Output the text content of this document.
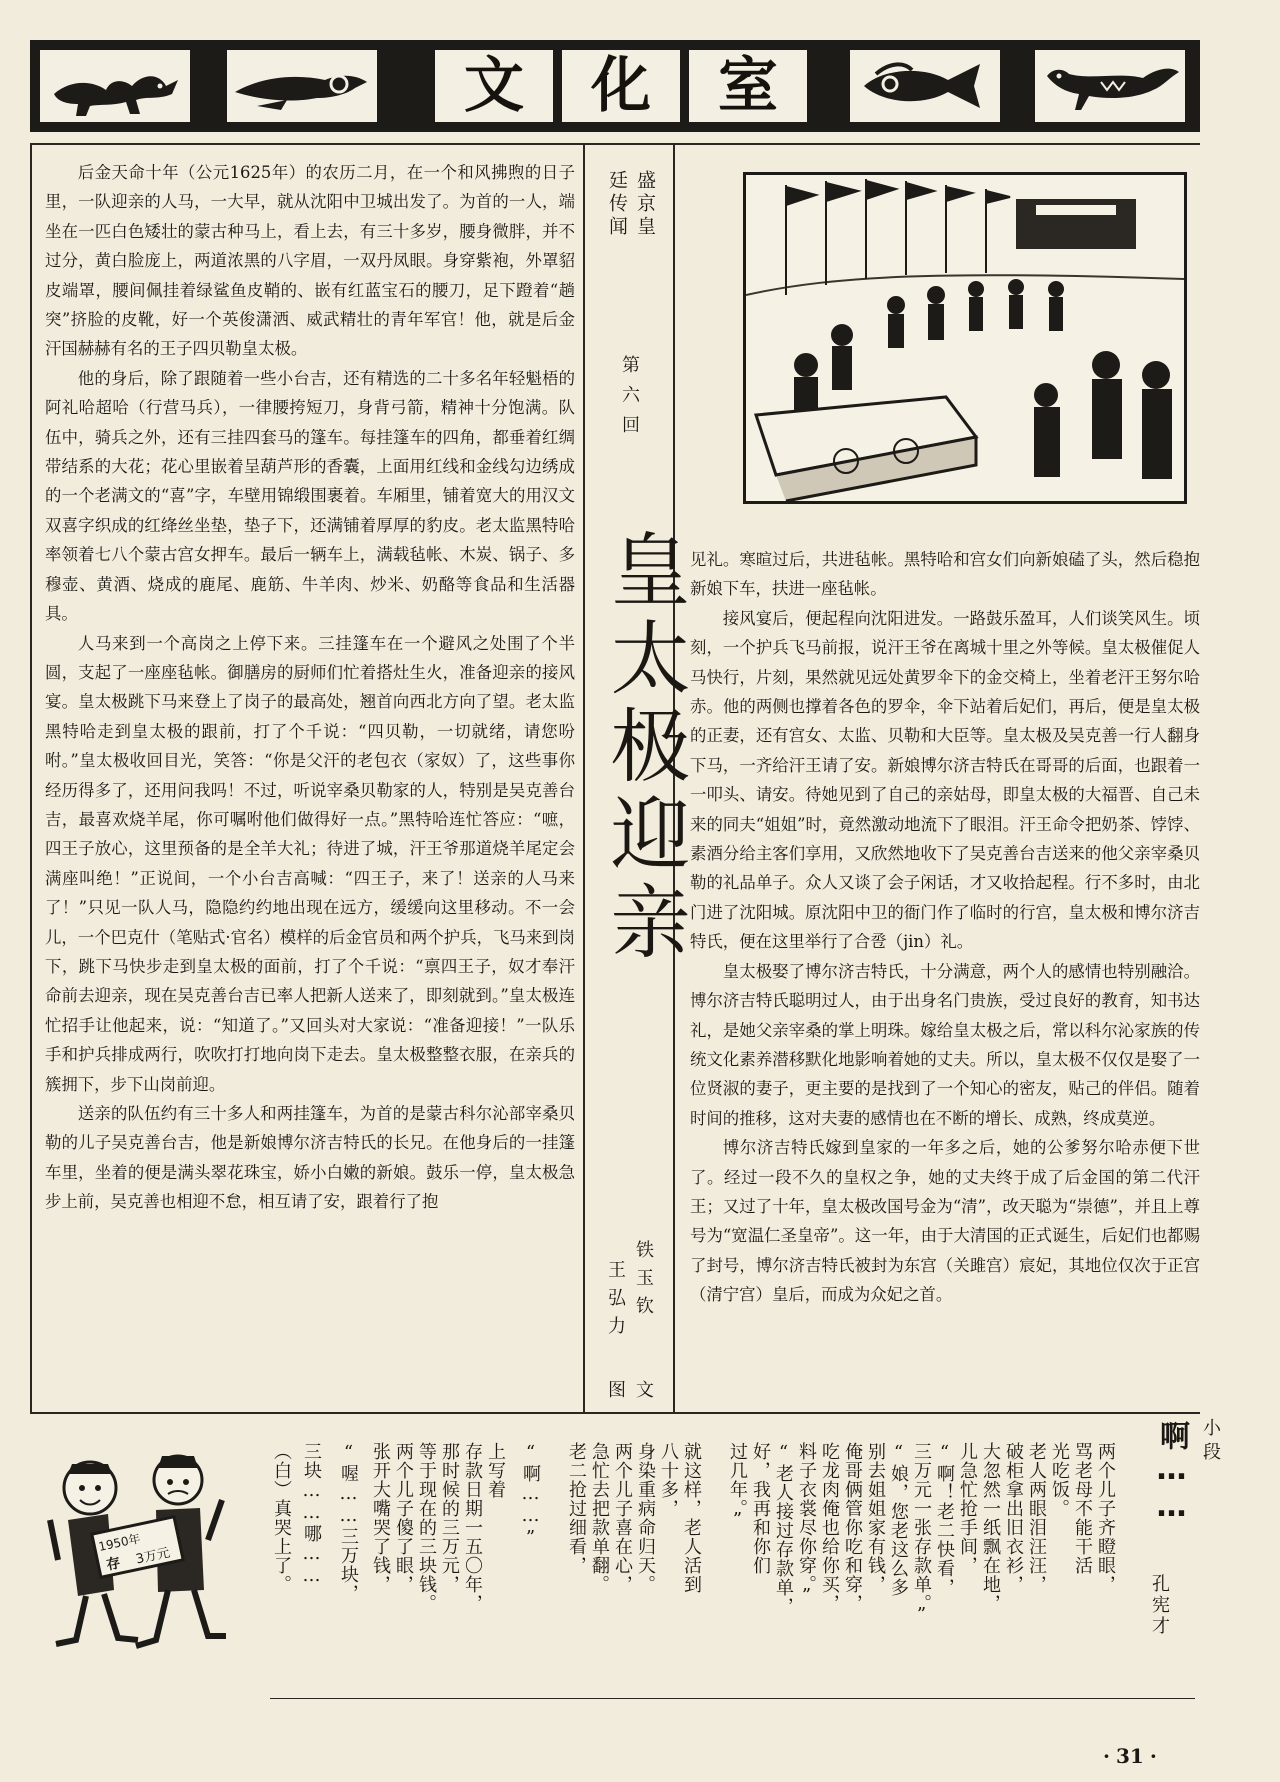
文	化	室
盛京皇
廷传闻
第六回
皇太极迎亲
铁玉钦
王弘力
文
图

后金天命十年（公元1625年）的农历二月，在一个和风拂煦的日子里，一队迎亲的人马，一大早，就从沈阳中卫城出发了。为首的一人，端坐在一匹白色矮壮的蒙古种马上，看上去，有三十多岁，腰身微胖，并不过分，黄白脸庞上，两道浓黑的八字眉，一双丹凤眼。身穿紫袍，外罩貂皮端罩，腰间佩挂着绿鲨鱼皮鞘的、嵌有红蓝宝石的腰刀，足下蹬着“趟突”挤脸的皮靴，好一个英俊潇洒、威武精壮的青年军官！他，就是后金汗国赫赫有名的王子四贝勒皇太极。

他的身后，除了跟随着一些小台吉，还有精选的二十多名年轻魁梧的阿礼哈超哈（行营马兵），一律腰挎短刀，身背弓箭，精神十分饱满。队伍中，骑兵之外，还有三挂四套马的篷车。每挂篷车的四角，都垂着红绸带结系的大花；花心里嵌着呈葫芦形的香囊，上面用红线和金线勾边绣成的一个老满文的“喜”字，车壁用锦缎围裹着。车厢里，铺着宽大的用汉文双喜字织成的红绛丝坐垫，垫子下，还满铺着厚厚的豹皮。老太监黑特哈率领着七八个蒙古宫女押车。最后一辆车上，满载毡帐、木炭、锅子、多穆壶、黄酒、烧成的鹿尾、鹿筋、牛羊肉、炒米、奶酪等食品和生活器具。

人马来到一个高岗之上停下来。三挂篷车在一个避风之处围了个半圆，支起了一座座毡帐。御膳房的厨师们忙着搭灶生火，准备迎亲的接风宴。皇太极跳下马来登上了岗子的最高处，翘首向西北方向了望。老太监黑特哈走到皇太极的跟前，打了个千说：“四贝勒，一切就绪，请您吩咐。”皇太极收回目光，笑答：“你是父汗的老包衣（家奴）了，这些事你经历得多了，还用问我吗！不过，听说宰桑贝勒家的人，特别是吴克善台吉，最喜欢烧羊尾，你可嘱咐他们做得好一点。”黑特哈连忙答应：“嗻，四王子放心，这里预备的是全羊大礼；待进了城，汗王爷那道烧羊尾定会满座叫绝！”正说间，一个小台吉高喊：“四王子，来了！送亲的人马来了！”只见一队人马，隐隐约约地出现在远方，缓缓向这里移动。不一会儿，一个巴克什（笔贴式·官名）模样的后金官员和两个护兵，飞马来到岗下，跳下马快步走到皇太极的面前，打了个千说：“禀四王子，奴才奉汗命前去迎亲，现在吴克善台吉已率人把新人送来了，即刻就到。”皇太极连忙招手让他起来，说：“知道了。”又回头对大家说：“准备迎接！”一队乐手和护兵排成两行，吹吹打打地向岗下走去。皇太极整整衣服，在亲兵的簇拥下，步下山岗前迎。

送亲的队伍约有三十多人和两挂篷车，为首的是蒙古科尔沁部宰桑贝勒的儿子吴克善台吉，他是新娘博尔济吉特氏的长兄。在他身后的一挂篷车里，坐着的便是满头翠花珠宝，娇小白嫩的新娘。鼓乐一停，皇太极急步上前，吴克善也相迎不怠，相互请了安，跟着行了抱

见礼。寒暄过后，共进毡帐。黑特哈和宫女们向新娘磕了头，然后稳抱新娘下车，扶进一座毡帐。

接风宴后，便起程向沈阳进发。一路鼓乐盈耳，人们谈笑风生。顷刻，一个护兵飞马前报，说汗王爷在离城十里之外等候。皇太极催促人马快行，片刻，果然就见远处黄罗伞下的金交椅上，坐着老汗王努尔哈赤。他的两侧也撑着各色的罗伞，伞下站着后妃们，再后，便是皇太极的正妻，还有宫女、太监、贝勒和大臣等。皇太极及吴克善一行人翻身下马，一齐给汗王请了安。新娘博尔济吉特氏在哥哥的后面，也跟着一一叩头、请安。待她见到了自己的亲姑母，即皇太极的大福晋、自己未来的同夫“姐姐”时，竟然激动地流下了眼泪。汗王命令把奶茶、饽饽、素酒分给主客们享用，又欣然地收下了吴克善台吉送来的他父亲宰桑贝勒的礼品单子。众人又谈了会子闲话，才又收拾起程。行不多时，由北门进了沈阳城。原沈阳中卫的衙门作了临时的行宫，皇太极和博尔济吉特氏，便在这里举行了合卺（jin）礼。

皇太极娶了博尔济吉特氏，十分满意，两个人的感情也特别融洽。博尔济吉特氏聪明过人，由于出身名门贵族，受过良好的教育，知书达礼，是她父亲宰桑的掌上明珠。嫁给皇太极之后，常以科尔沁家族的传统文化素养潜移默化地影响着她的丈夫。所以，皇太极不仅仅是娶了一位贤淑的妻子，更主要的是找到了一个知心的密友，贴己的伴侣。随着时间的推移，这对夫妻的感情也在不断的增长、成熟，终成莫逆。

博尔济吉特氏嫁到皇家的一年多之后，她的公爹努尔哈赤便下世了。经过一段不久的皇权之争，她的丈夫终于成了后金国的第二代汗王；又过了十年，皇太极改国号金为“清”，改天聪为“崇德”，并且上尊号为“宽温仁圣皇帝”。这一年，由于大清国的正式诞生，后妃们也都赐了封号，博尔济吉特氏被封为东宫（关雎宫）宸妃，其地位仅次于正宫（清宁宫）皇后，而成为众妃之首。

1950年
存 3万元
小段
啊……
孔宪才
两个儿子齐瞪眼，
骂老母不能干活
光吃饭。
老人两眼泪汪汪，
破柜拿出旧衣衫，
大忽然一纸飘在地，
儿急忙抢手间，
“啊！老二快看，
三万元一张存款单。”
“娘，您老这么多
别去姐姐家有钱，
俺哥俩管你吃和穿，
吃龙肉俺也给你买，
料子衣裳尽你穿。”
“老人接过存款单，
好，我再和你们
过几年。”
就这样，老人活到
八十多，
身染重病命归天。
两个儿子喜在心，
急忙去把款单翻。
老二抢过细看，
“啊……”
上写着
存款日期一五〇年，
那时候的三万元，
等于现在的三块钱。
两个儿子傻了眼，
张开大嘴哭了钱，
“喔……三万块，
三块……哪……
（白）真哭上了。
· 31 ·
